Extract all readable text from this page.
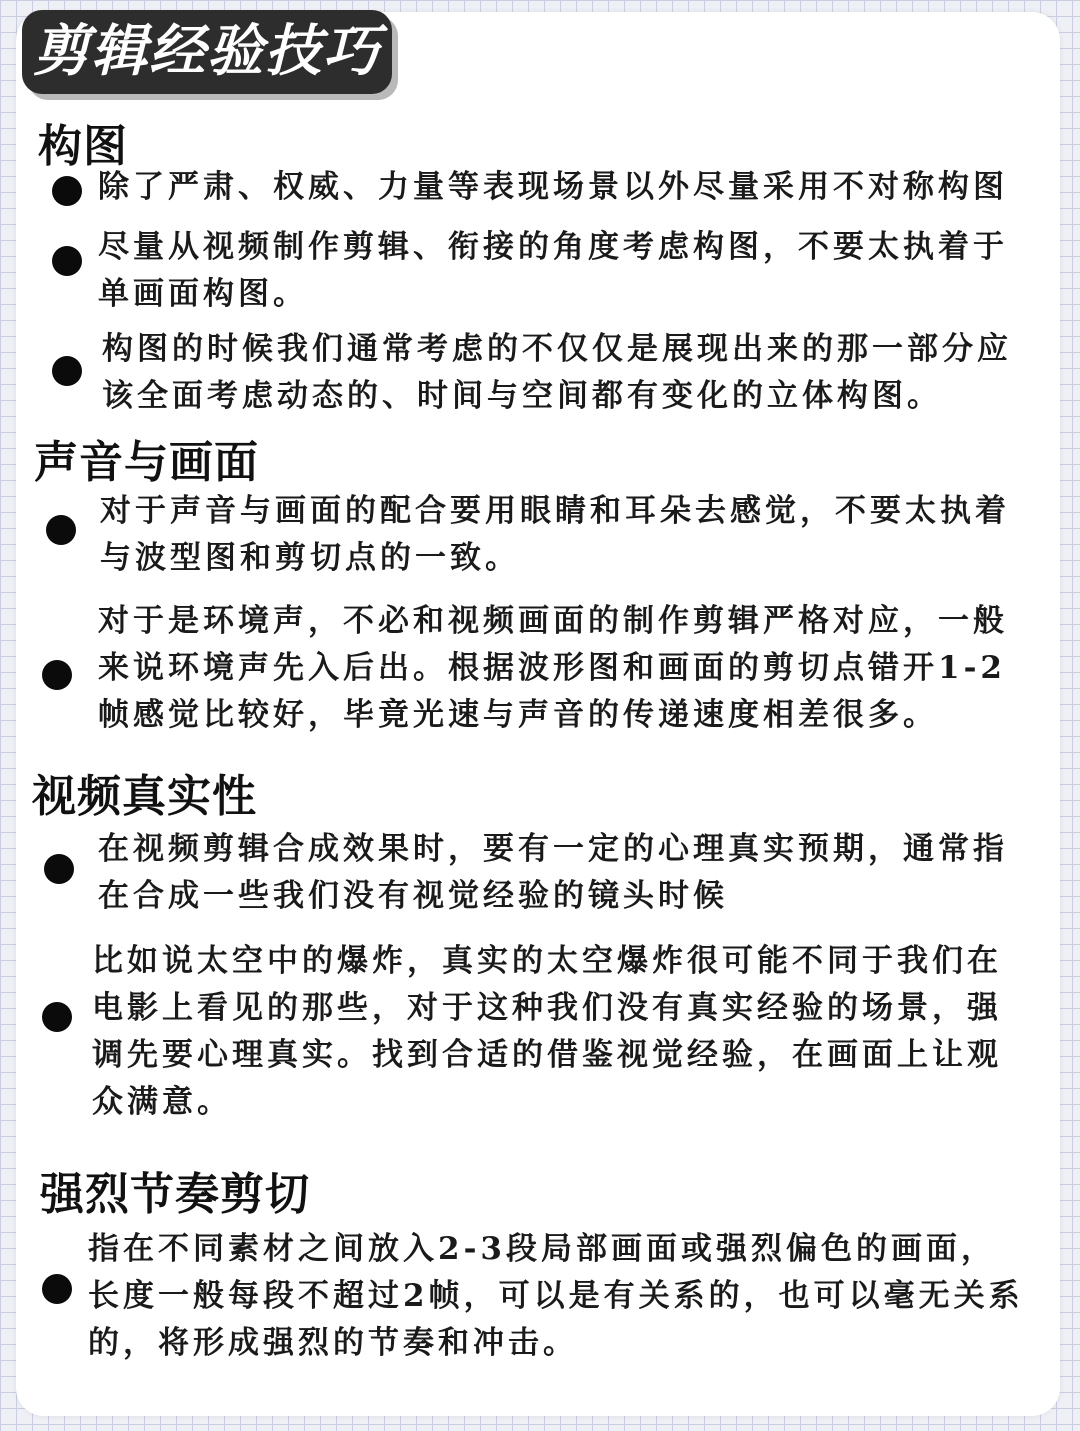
剪辑经验技巧
构图
除了严肃、权威、力量等表现场景以外尽量采用不对称构图
尽量从视频制作剪辑、衔接的角度考虑构图，不要太执着于
单画面构图。
构图的时候我们通常考虑的不仅仅是展现出来的那一部分应
该全面考虑动态的、时间与空间都有变化的立体构图。
声音与画面
对于声音与画面的配合要用眼睛和耳朵去感觉，不要太执着
与波型图和剪切点的一致。
对于是环境声，不必和视频画面的制作剪辑严格对应，一般
来说环境声先入后出。根据波形图和画面的剪切点错开1-2
帧感觉比较好，毕竟光速与声音的传递速度相差很多。
视频真实性
在视频剪辑合成效果时，要有一定的心理真实预期，通常指
在合成一些我们没有视觉经验的镜头时候
比如说太空中的爆炸，真实的太空爆炸很可能不同于我们在
电影上看见的那些，对于这种我们没有真实经验的场景，强
调先要心理真实。找到合适的借鉴视觉经验，在画面上让观
众满意。
强烈节奏剪切
指在不同素材之间放入2-3段局部画面或强烈偏色的画面，
长度一般每段不超过2帧，可以是有关系的，也可以毫无关系
的，将形成强烈的节奏和冲击。
